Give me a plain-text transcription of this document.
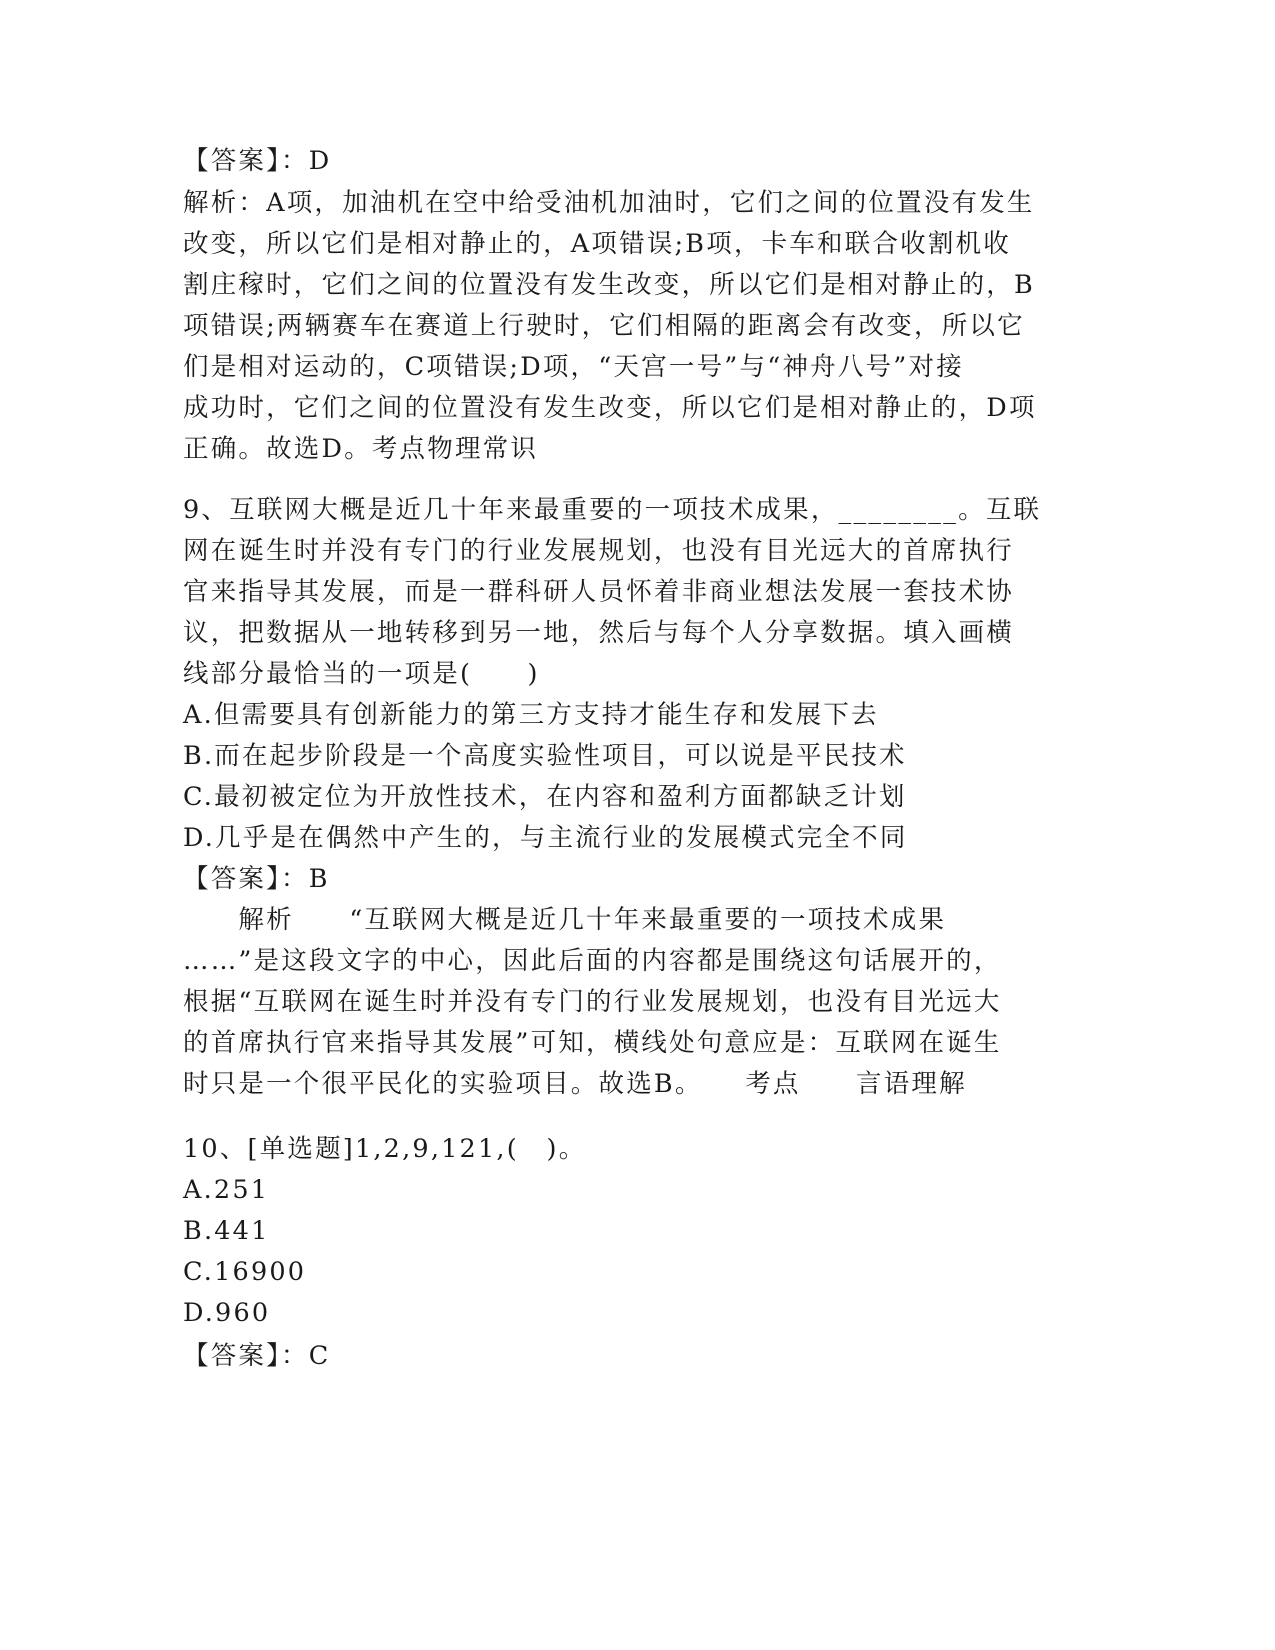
【答案】：D
解析：A项，加油机在空中给受油机加油时，它们之间的位置没有发生
改变，所以它们是相对静止的，A项错误;B项，卡车和联合收割机收
割庄稼时，它们之间的位置没有发生改变，所以它们是相对静止的，B
项错误;两辆赛车在赛道上行驶时，它们相隔的距离会有改变，所以它
们是相对运动的，C项错误;D项，“天宫一号”与“神舟八号”对接
成功时，它们之间的位置没有发生改变，所以它们是相对静止的，D项
正确。故选D。考点物理常识
9、互联网大概是近几十年来最重要的一项技术成果，________。互联
网在诞生时并没有专门的行业发展规划，也没有目光远大的首席执行
官来指导其发展，而是一群科研人员怀着非商业想法发展一套技术协
议，把数据从一地转移到另一地，然后与每个人分享数据。填入画横
线部分最恰当的一项是(　　)
A.但需要具有创新能力的第三方支持才能生存和发展下去
B.而在起步阶段是一个高度实验性项目，可以说是平民技术
C.最初被定位为开放性技术，在内容和盈利方面都缺乏计划
D.几乎是在偶然中产生的，与主流行业的发展模式完全不同
【答案】：B
　　解析　　“互联网大概是近几十年来最重要的一项技术成果
……”是这段文字的中心，因此后面的内容都是围绕这句话展开的，
根据“互联网在诞生时并没有专门的行业发展规划，也没有目光远大
的首席执行官来指导其发展”可知，横线处句意应是：互联网在诞生
时只是一个很平民化的实验项目。故选B。　　考点　　言语理解
10、[单选题]1,2,9,121,(　)。
A.251
B.441
C.16900
D.960
【答案】：C
